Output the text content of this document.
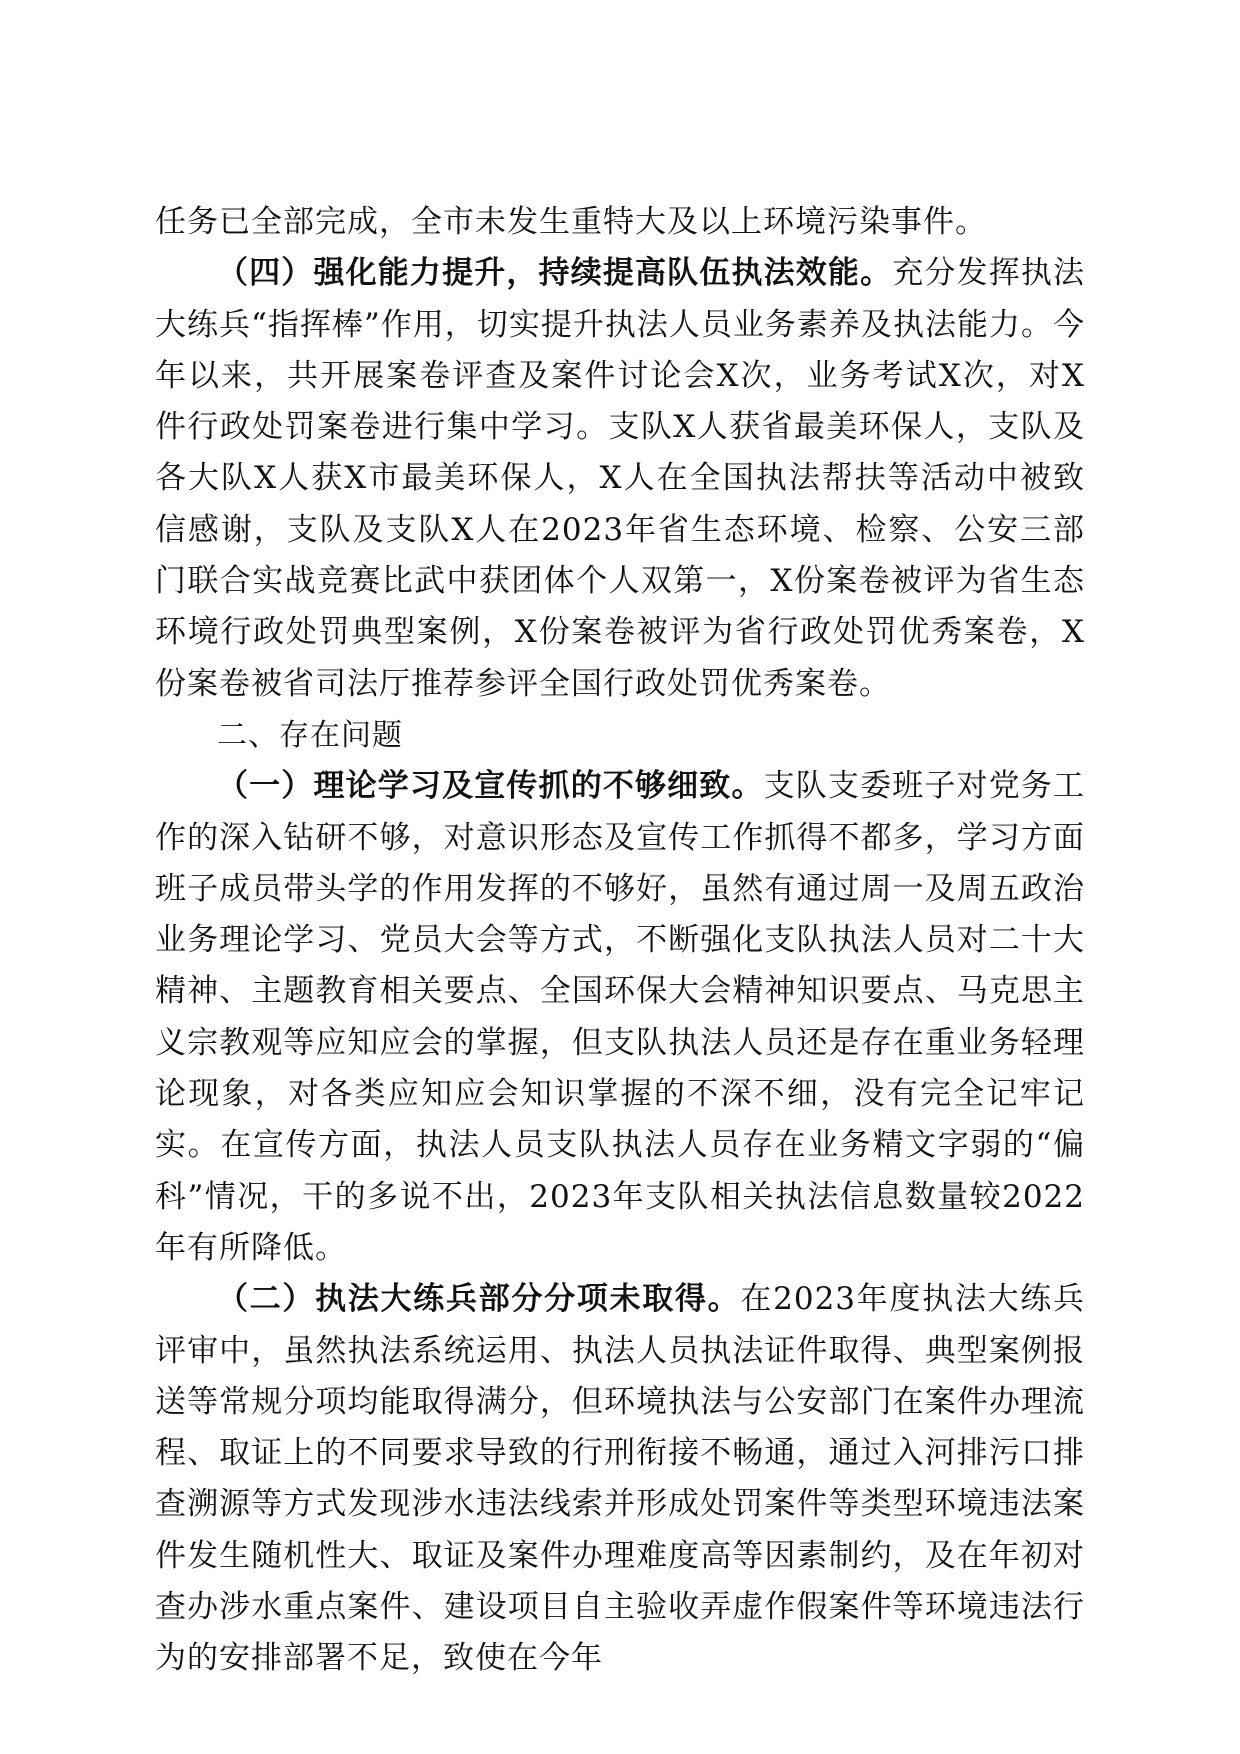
任务已全部完成，全市未发生重特大及以上环境污染事件。

（四）强化能力提升，持续提高队伍执法效能。充分发挥执法大练兵“指挥棒”作用，切实提升执法人员业务素养及执法能力。今年以来，共开展案卷评查及案件讨论会X次，业务考试X次，对X件行政处罚案卷进行集中学习。支队X人获省最美环保人，支队及各大队X人获X市最美环保人，X人在全国执法帮扶等活动中被致信感谢，支队及支队X人在2023年省生态环境、检察、公安三部门联合实战竞赛比武中获团体个人双第一，X份案卷被评为省生态环境行政处罚典型案例，X份案卷被评为省行政处罚优秀案卷，X份案卷被省司法厅推荐参评全国行政处罚优秀案卷。

二、存在问题

（一）理论学习及宣传抓的不够细致。支队支委班子对党务工作的深入钻研不够，对意识形态及宣传工作抓得不都多，学习方面班子成员带头学的作用发挥的不够好，虽然有通过周一及周五政治业务理论学习、党员大会等方式，不断强化支队执法人员对二十大精神、主题教育相关要点、全国环保大会精神知识要点、马克思主义宗教观等应知应会的掌握，但支队执法人员还是存在重业务轻理论现象，对各类应知应会知识掌握的不深不细，没有完全记牢记实。在宣传方面，执法人员支队执法人员存在业务精文字弱的“偏科”情况，干的多说不出，2023年支队相关执法信息数量较2022年有所降低。

（二）执法大练兵部分分项未取得。在2023年度执法大练兵评审中，虽然执法系统运用、执法人员执法证件取得、典型案例报送等常规分项均能取得满分，但环境执法与公安部门在案件办理流程、取证上的不同要求导致的行刑衔接不畅通，通过入河排污口排查溯源等方式发现涉水违法线索并形成处罚案件等类型环境违法案件发生随机性大、取证及案件办理难度高等因素制约，及在年初对查办涉水重点案件、建设项目自主验收弄虚作假案件等环境违法行为的安排部署不足，致使在今年
